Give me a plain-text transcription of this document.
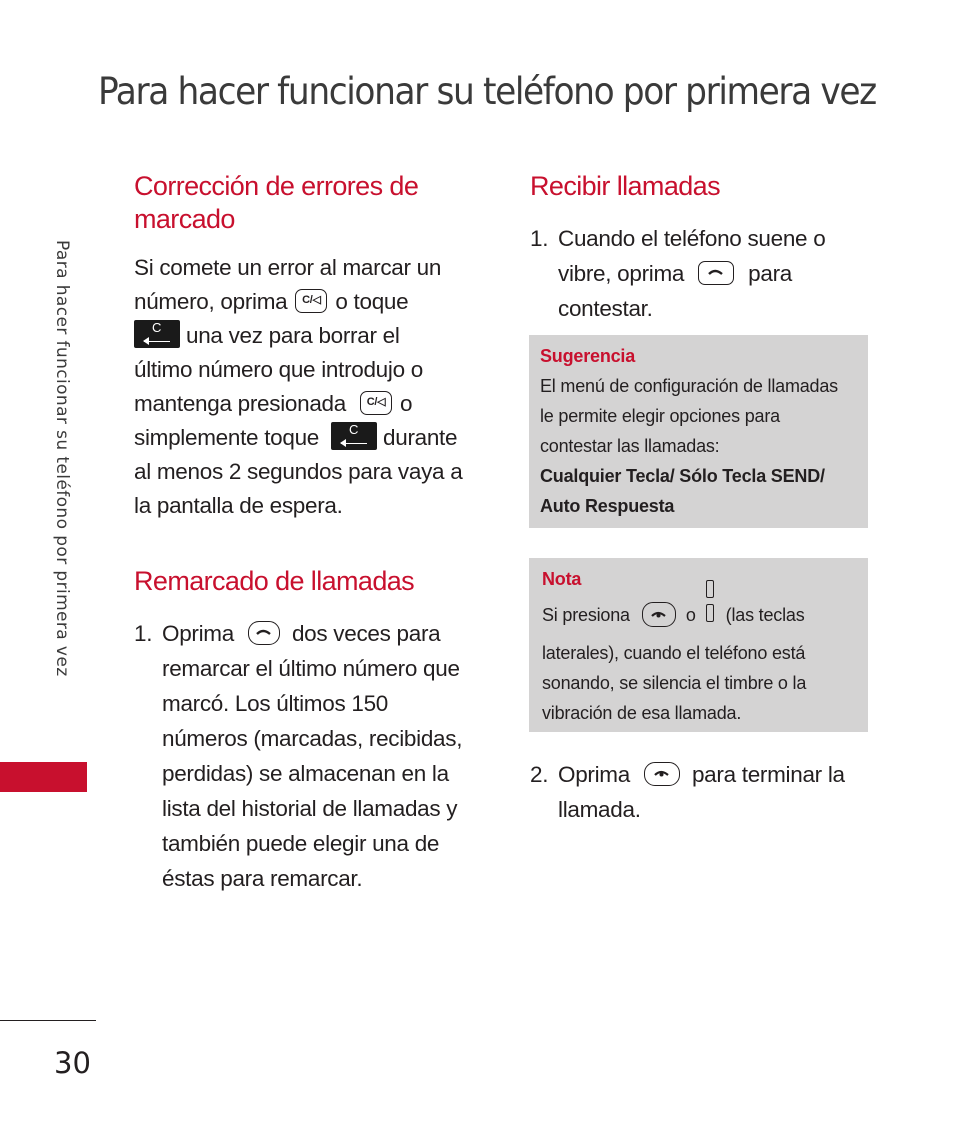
Para hacer funcionar su teléfono por primera vez
Para hacer funcionar su teléfono por primera vez
30
Corrección de errores de
marcado
Si comete un error al marcar un
número, oprima	C/◁ o toque
C una vez para borrar el
último número que introdujo o
mantenga presionada	C/◁ o
simplemente toque C durante
al menos 2 segundos para vaya a
la pantalla de espera.
Remarcado de llamadas
1. Oprima	dos veces para
remarcar el último número que
marcó. Los últimos 150
números (marcadas, recibidas,
perdidas) se almacenan en la
lista del historial de llamadas y
también puede elegir una de
éstas para remarcar.
Recibir llamadas
1. Cuando el teléfono suene o
vibre, oprima	para
contestar.
Sugerencia
El menú de configuración de llamadas
le permite elegir opciones para
contestar las llamadas:
Cualquier Tecla/ Sólo Tecla SEND/
Auto Respuesta
Nota
Si presiona	o (las teclas
laterales), cuando el teléfono está
sonando, se silencia el timbre o la
vibración de esa llamada.
2. Oprima	para terminar la
llamada.
